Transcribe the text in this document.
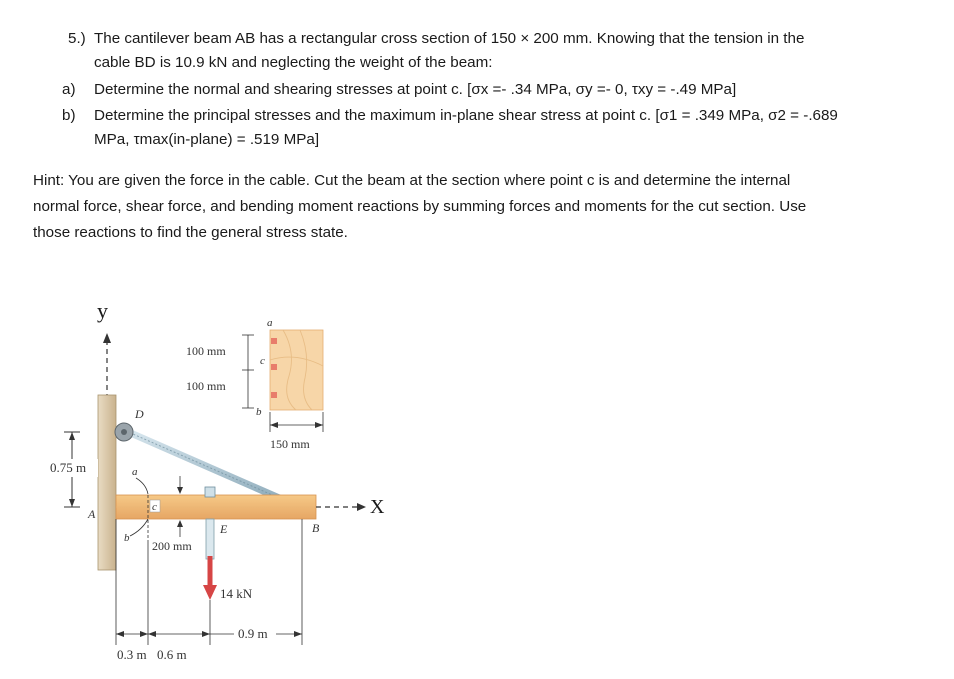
5.) The cantilever beam AB has a rectangular cross section of 150 × 200 mm. Knowing that the tension in the
cable BD is 10.9 kN and neglecting the weight of the beam:
a) Determine the normal and shearing stresses at point c. [σx =- .34 MPa, σy =- 0, τxy = -.49 MPa]
b) Determine the principal stresses and the maximum in-plane shear stress at point c. [σ1 = .349 MPa, σ2 = -.689
MPa, τmax(in-plane) = .519 MPa]
Hint: You are given the force in the cable. Cut the beam at the section where point c is and determine the internal
normal force, shear force, and bending moment reactions by summing forces and moments for the cut section. Use
those reactions to find the general stress state.
y
0.75 m
D
A
B
a
b
c
200 mm
E
14 kN
X
0.3 m 0.6 m
0.9 m
a
c
b
100 mm
100 mm
150 mm
